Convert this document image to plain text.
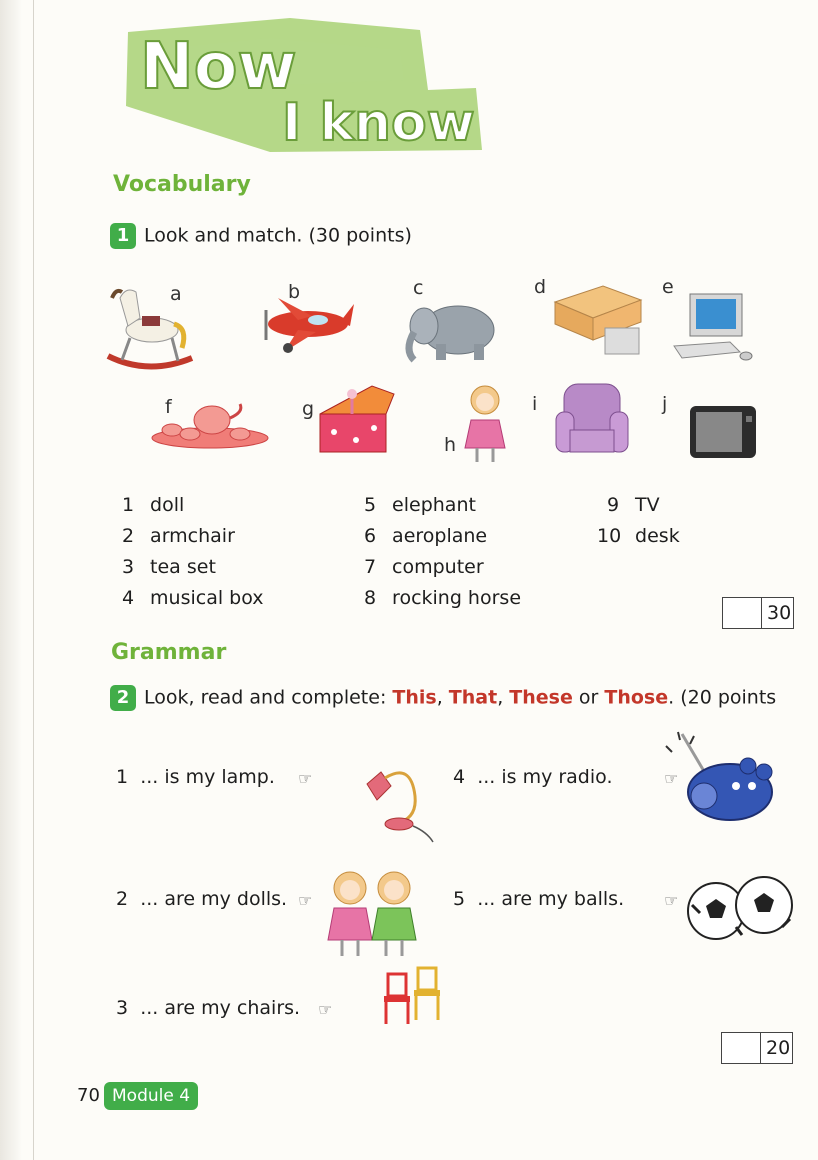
Now
I know
Vocabulary
1 Look and match. (30 points)
a	b	c	d	e
f	g
h
i	j
1 doll
2 armchair
3 tea set
4 musical box
5 elephant
6 aeroplane
7 computer
8 rocking horse
9 TV
10 desk
30
Grammar
2 Look, read and complete: This, That, These or Those. (20 points
1 ... is my lamp.
2 ... are my dolls.
3 ... are my chairs.
4 ... is my radio.
5 ... are my balls.
☞
☞
☞
☞
☞
20
70 Module 4
